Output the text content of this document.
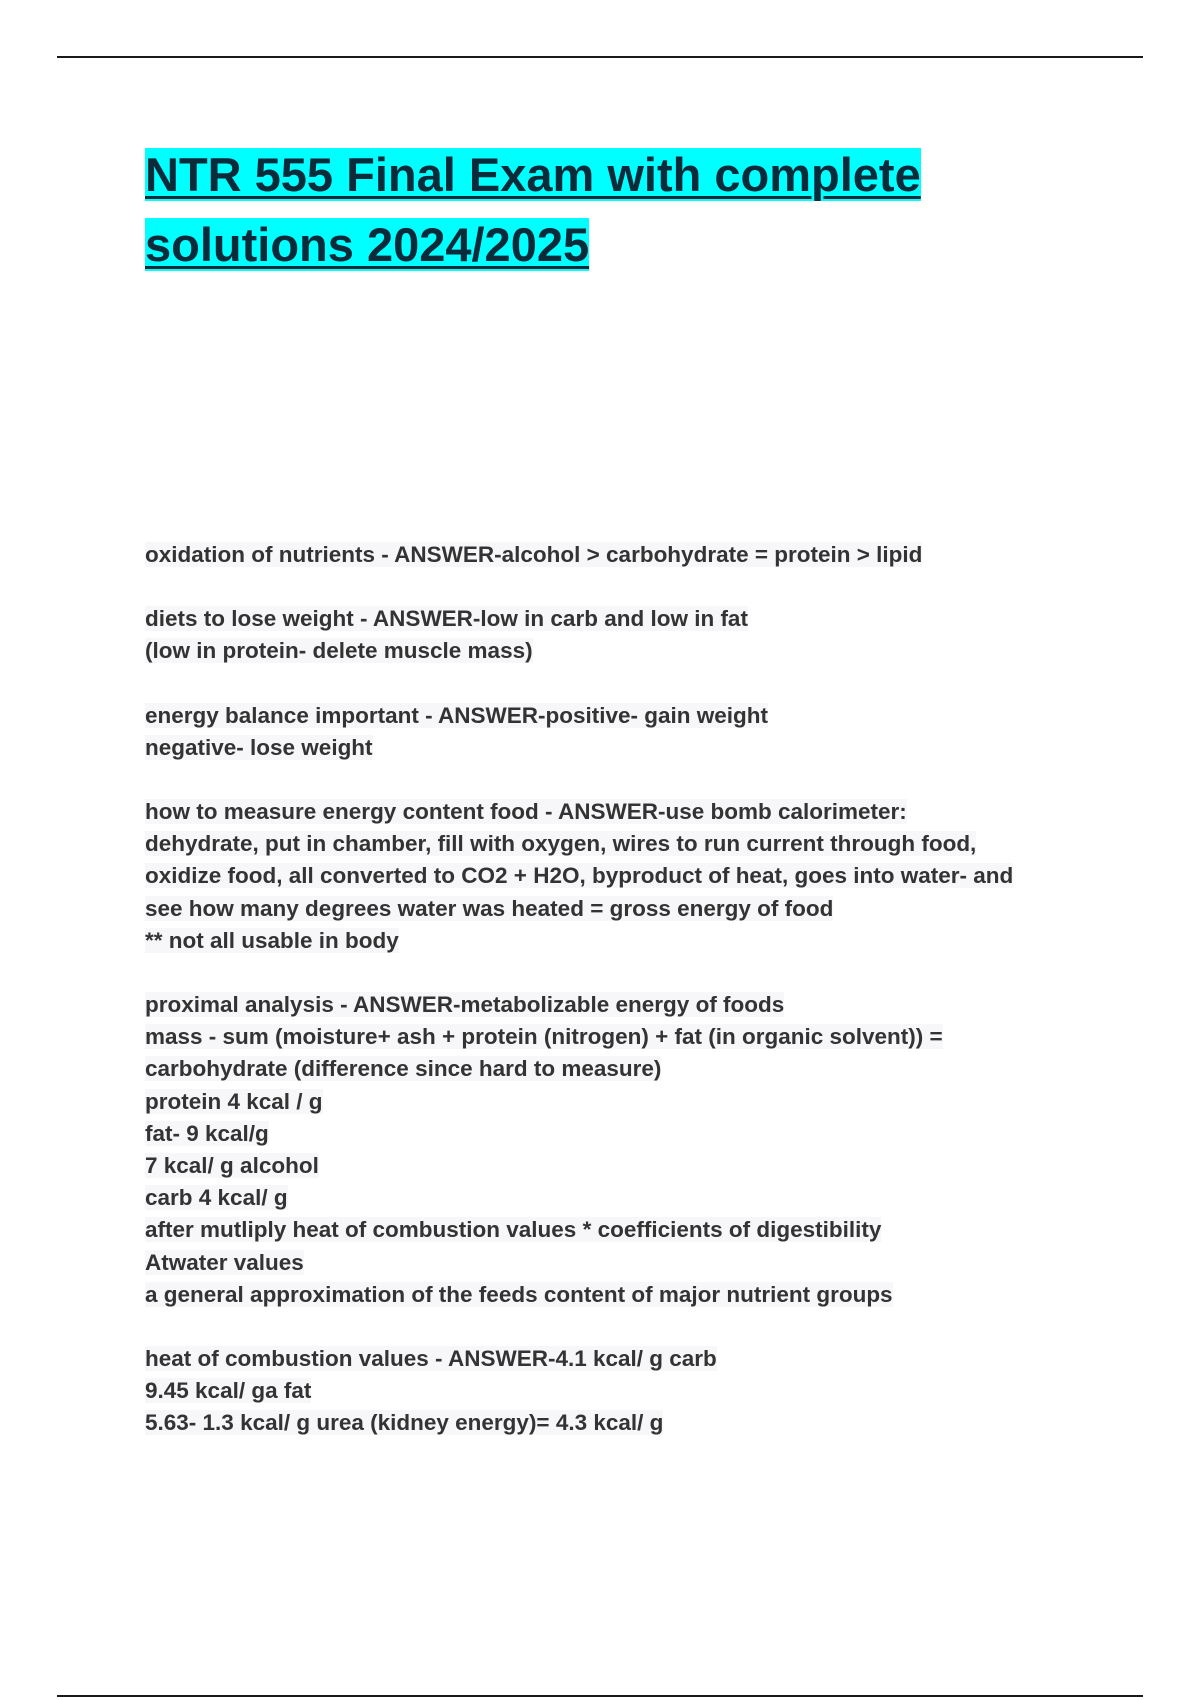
NTR 555 Final Exam with complete
solutions 2024/2025
oxidation of nutrients - ANSWER-alcohol > carbohydrate = protein > lipid
diets to lose weight - ANSWER-low in carb and low in fat
(low in protein- delete muscle mass)
energy balance important - ANSWER-positive- gain weight
negative- lose weight
how to measure energy content food - ANSWER-use bomb calorimeter:
dehydrate, put in chamber, fill with oxygen, wires to run current through food,
oxidize food, all converted to CO2 + H2O, byproduct of heat, goes into water- and
see how many degrees water was heated = gross energy of food
** not all usable in body
proximal analysis - ANSWER-metabolizable energy of foods
mass - sum (moisture+ ash + protein (nitrogen) + fat (in organic solvent)) =
carbohydrate (difference since hard to measure)
protein 4 kcal / g
fat- 9 kcal/g
7 kcal/ g alcohol
carb 4 kcal/ g
after mutliply heat of combustion values * coefficients of digestibility
Atwater values
a general approximation of the feeds content of major nutrient groups
heat of combustion values - ANSWER-4.1 kcal/ g carb
9.45 kcal/ ga fat
5.63- 1.3 kcal/ g urea (kidney energy)= 4.3 kcal/ g
